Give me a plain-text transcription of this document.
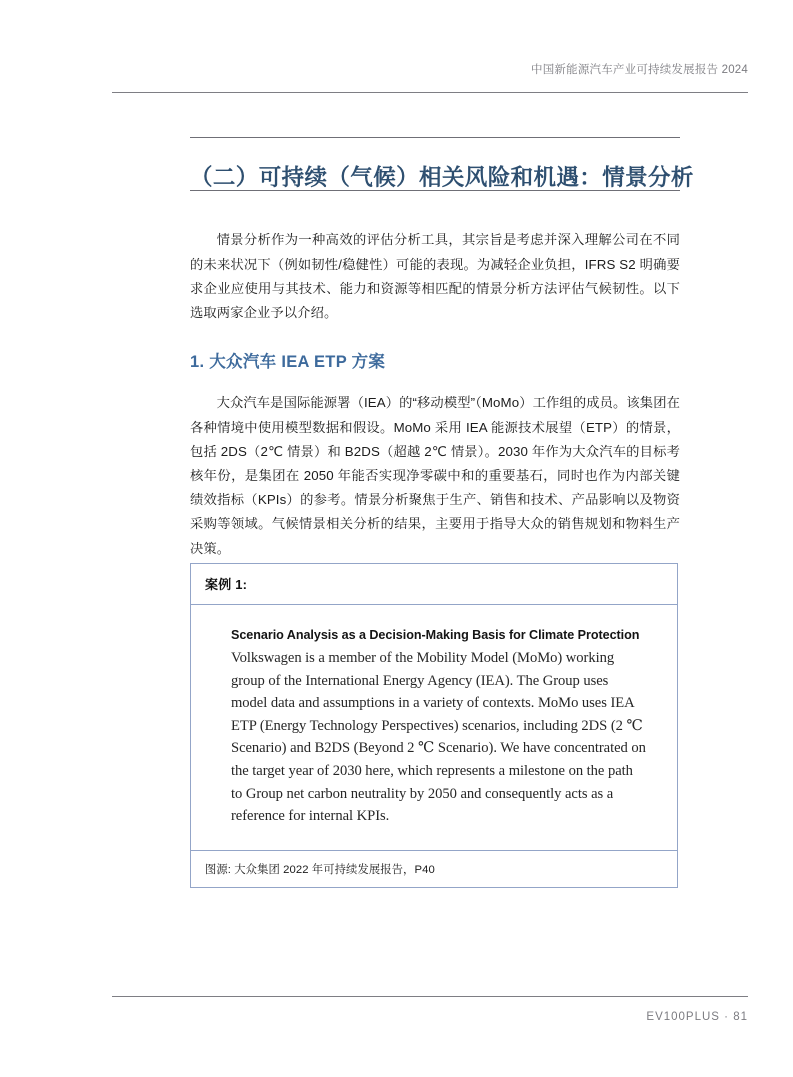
中国新能源汽车产业可持续发展报告 2024
（二）可持续（气候）相关风险和机遇：情景分析

情景分析作为一种高效的评估分析工具，其宗旨是考虑并深入理解公司在不同的未来状况下（例如韧性/稳健性）可能的表现。为减轻企业负担，IFRS S2 明确要求企业应使用与其技术、能力和资源等相匹配的情景分析方法评估气候韧性。以下选取两家企业予以介绍。

1. 大众汽车 IEA ETP 方案

大众汽车是国际能源署（IEA）的“移动模型”（MoMo）工作组的成员。该集团在各种情境中使用模型数据和假设。MoMo 采用 IEA 能源技术展望（ETP）的情景，包括 2DS（2℃ 情景）和 B2DS（超越 2℃ 情景）。2030 年作为大众汽车的目标考核年份，是集团在 2050 年能否实现净零碳中和的重要基石，同时也作为内部关键绩效指标（KPIs）的参考。情景分析聚焦于生产、销售和技术、产品影响以及物资采购等领域。气候情景相关分析的结果，主要用于指导大众的销售规划和物料生产决策。

案例 1:
Scenario Analysis as a Decision-Making Basis for Climate Protection
Volkswagen is a member of the Mobility Model (MoMo) working group of the International Energy Agency (IEA). The Group uses model data and assumptions in a variety of contexts. MoMo uses IEA ETP (Energy Technology Perspectives) scenarios, including 2DS (2 ℃ Scenario) and B2DS (Beyond 2 ℃ Scenario). We have concentrated on the target year of 2030 here, which represents a milestone on the path to Group net carbon neutrality by 2050 and consequently acts as a reference for internal KPIs.
图源: 大众集团 2022 年可持续发展报告，P40
EV100PLUS · 81
